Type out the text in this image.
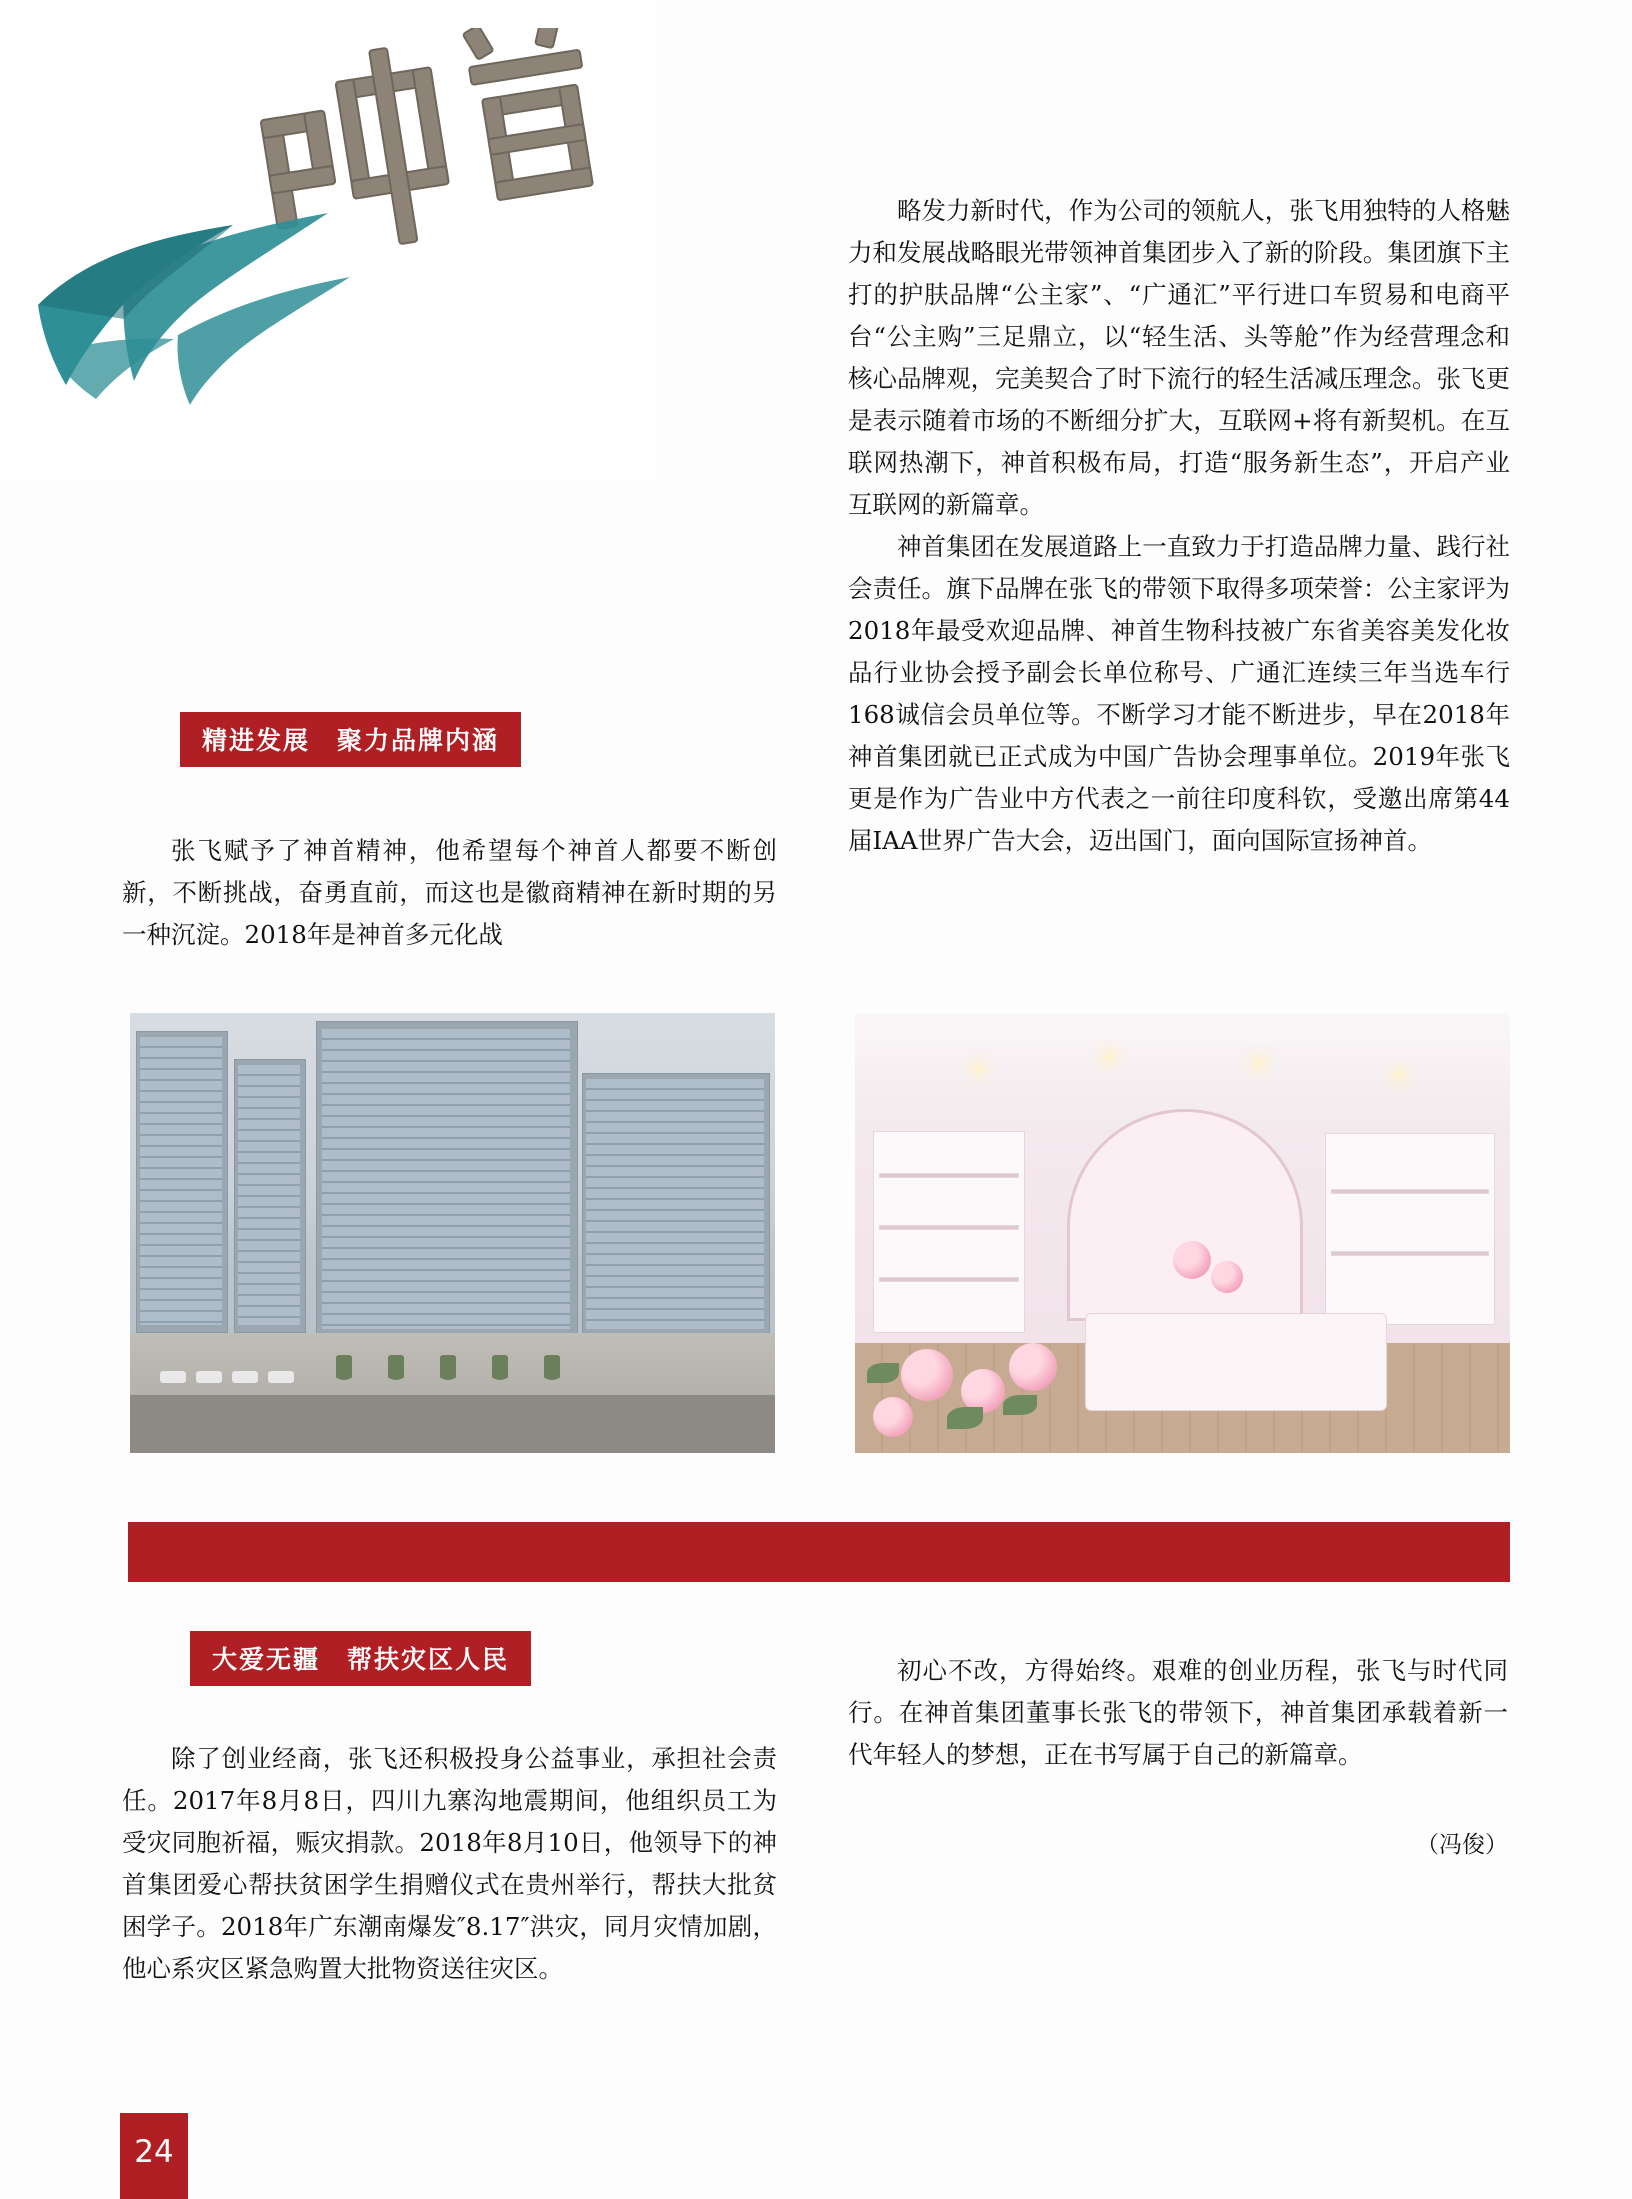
精进发展　聚力品牌内涵

张飞赋予了神首精神，他希望每个神首人都要不断创新，不断挑战，奋勇直前，而这也是徽商精神在新时期的另一种沉淀。2018年是神首多元化战

略发力新时代，作为公司的领航人，张飞用独特的人格魅力和发展战略眼光带领神首集团步入了新的阶段。集团旗下主打的护肤品牌“公主家”、“广通汇”平行进口车贸易和电商平台“公主购”三足鼎立，以“轻生活、头等舱”作为经营理念和核心品牌观，完美契合了时下流行的轻生活减压理念。张飞更是表示随着市场的不断细分扩大，互联网+将有新契机。在互联网热潮下，神首积极布局，打造“服务新生态”，开启产业互联网的新篇章。

神首集团在发展道路上一直致力于打造品牌力量、践行社会责任。旗下品牌在张飞的带领下取得多项荣誉：公主家评为2018年最受欢迎品牌、神首生物科技被广东省美容美发化妆品行业协会授予副会长单位称号、广通汇连续三年当选车行168诚信会员单位等。不断学习才能不断进步，早在2018年神首集团就已正式成为中国广告协会理事单位。2019年张飞更是作为广告业中方代表之一前往印度科钦，受邀出席第44届IAA世界广告大会，迈出国门，面向国际宣扬神首。

大爱无疆　帮扶灾区人民

除了创业经商，张飞还积极投身公益事业，承担社会责任。2017年8月8日，四川九寨沟地震期间，他组织员工为受灾同胞祈福，赈灾捐款。2018年8月10日，他领导下的神首集团爱心帮扶贫困学生捐赠仪式在贵州举行，帮扶大批贫困学子。2018年广东潮南爆发″8.17″洪灾，同月灾情加剧，他心系灾区紧急购置大批物资送往灾区。

初心不改，方得始终。艰难的创业历程，张飞与时代同行。在神首集团董事长张飞的带领下，神首集团承载着新一代年轻人的梦想，正在书写属于自己的新篇章。

（冯俊）
24
